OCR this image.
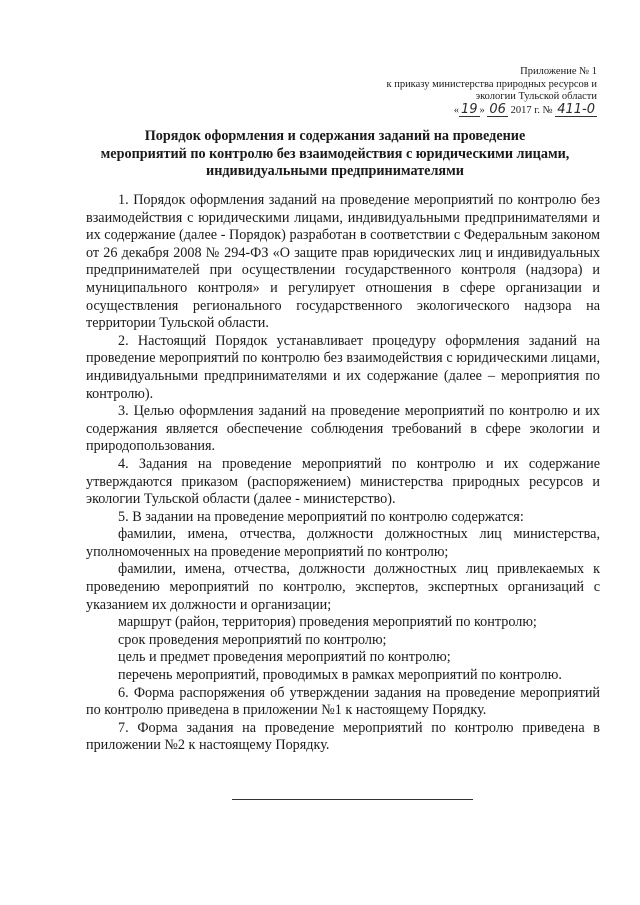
Приложение № 1
к приказу министерства природных ресурсов и
экологии Тульской области
« 19 » 06 2017 г. № 411-0
Порядок оформления и содержания заданий на проведение
мероприятий по контролю без взаимодействия с юридическими лицами,
индивидуальными предпринимателями

1. Порядок оформления заданий на проведение мероприятий по контролю без взаимодействия с юридическими лицами, индивидуальными предпринимателями и их содержание (далее - Порядок) разработан в соответствии с Федеральным законом от 26 декабря 2008 № 294-ФЗ «О защите прав юридических лиц и индивидуальных предпринимателей при осуществлении государственного контроля (надзора) и муниципального контроля» и регулирует отношения в сфере организации и осуществления регионального государственного экологического надзора на территории Тульской области.

2. Настоящий Порядок устанавливает процедуру оформления заданий на проведение мероприятий по контролю без взаимодействия с юридическими лицами, индивидуальными предпринимателями и их содержание (далее – мероприятия по контролю).

3. Целью оформления заданий на проведение мероприятий по контролю и их содержания является обеспечение соблюдения требований в сфере экологии и природопользования.

4. Задания на проведение мероприятий по контролю и их содержание утверждаются приказом (распоряжением) министерства природных ресурсов и экологии Тульской области (далее - министерство).

5. В задании на проведение мероприятий по контролю содержатся:

фамилии, имена, отчества, должности должностных лиц министерства, уполномоченных на проведение мероприятий по контролю;

фамилии, имена, отчества, должности должностных лиц привлекаемых к проведению мероприятий по контролю, экспертов, экспертных организаций с указанием их должности и организации;

маршрут (район, территория) проведения мероприятий по контролю;

срок проведения мероприятий по контролю;

цель и предмет проведения мероприятий по контролю;

перечень мероприятий, проводимых в рамках мероприятий по контролю.

6. Форма распоряжения об утверждении задания на проведение мероприятий по контролю приведена в приложении №1 к настоящему Порядку.

7. Форма задания на проведение мероприятий по контролю приведена в приложении №2 к настоящему Порядку.
